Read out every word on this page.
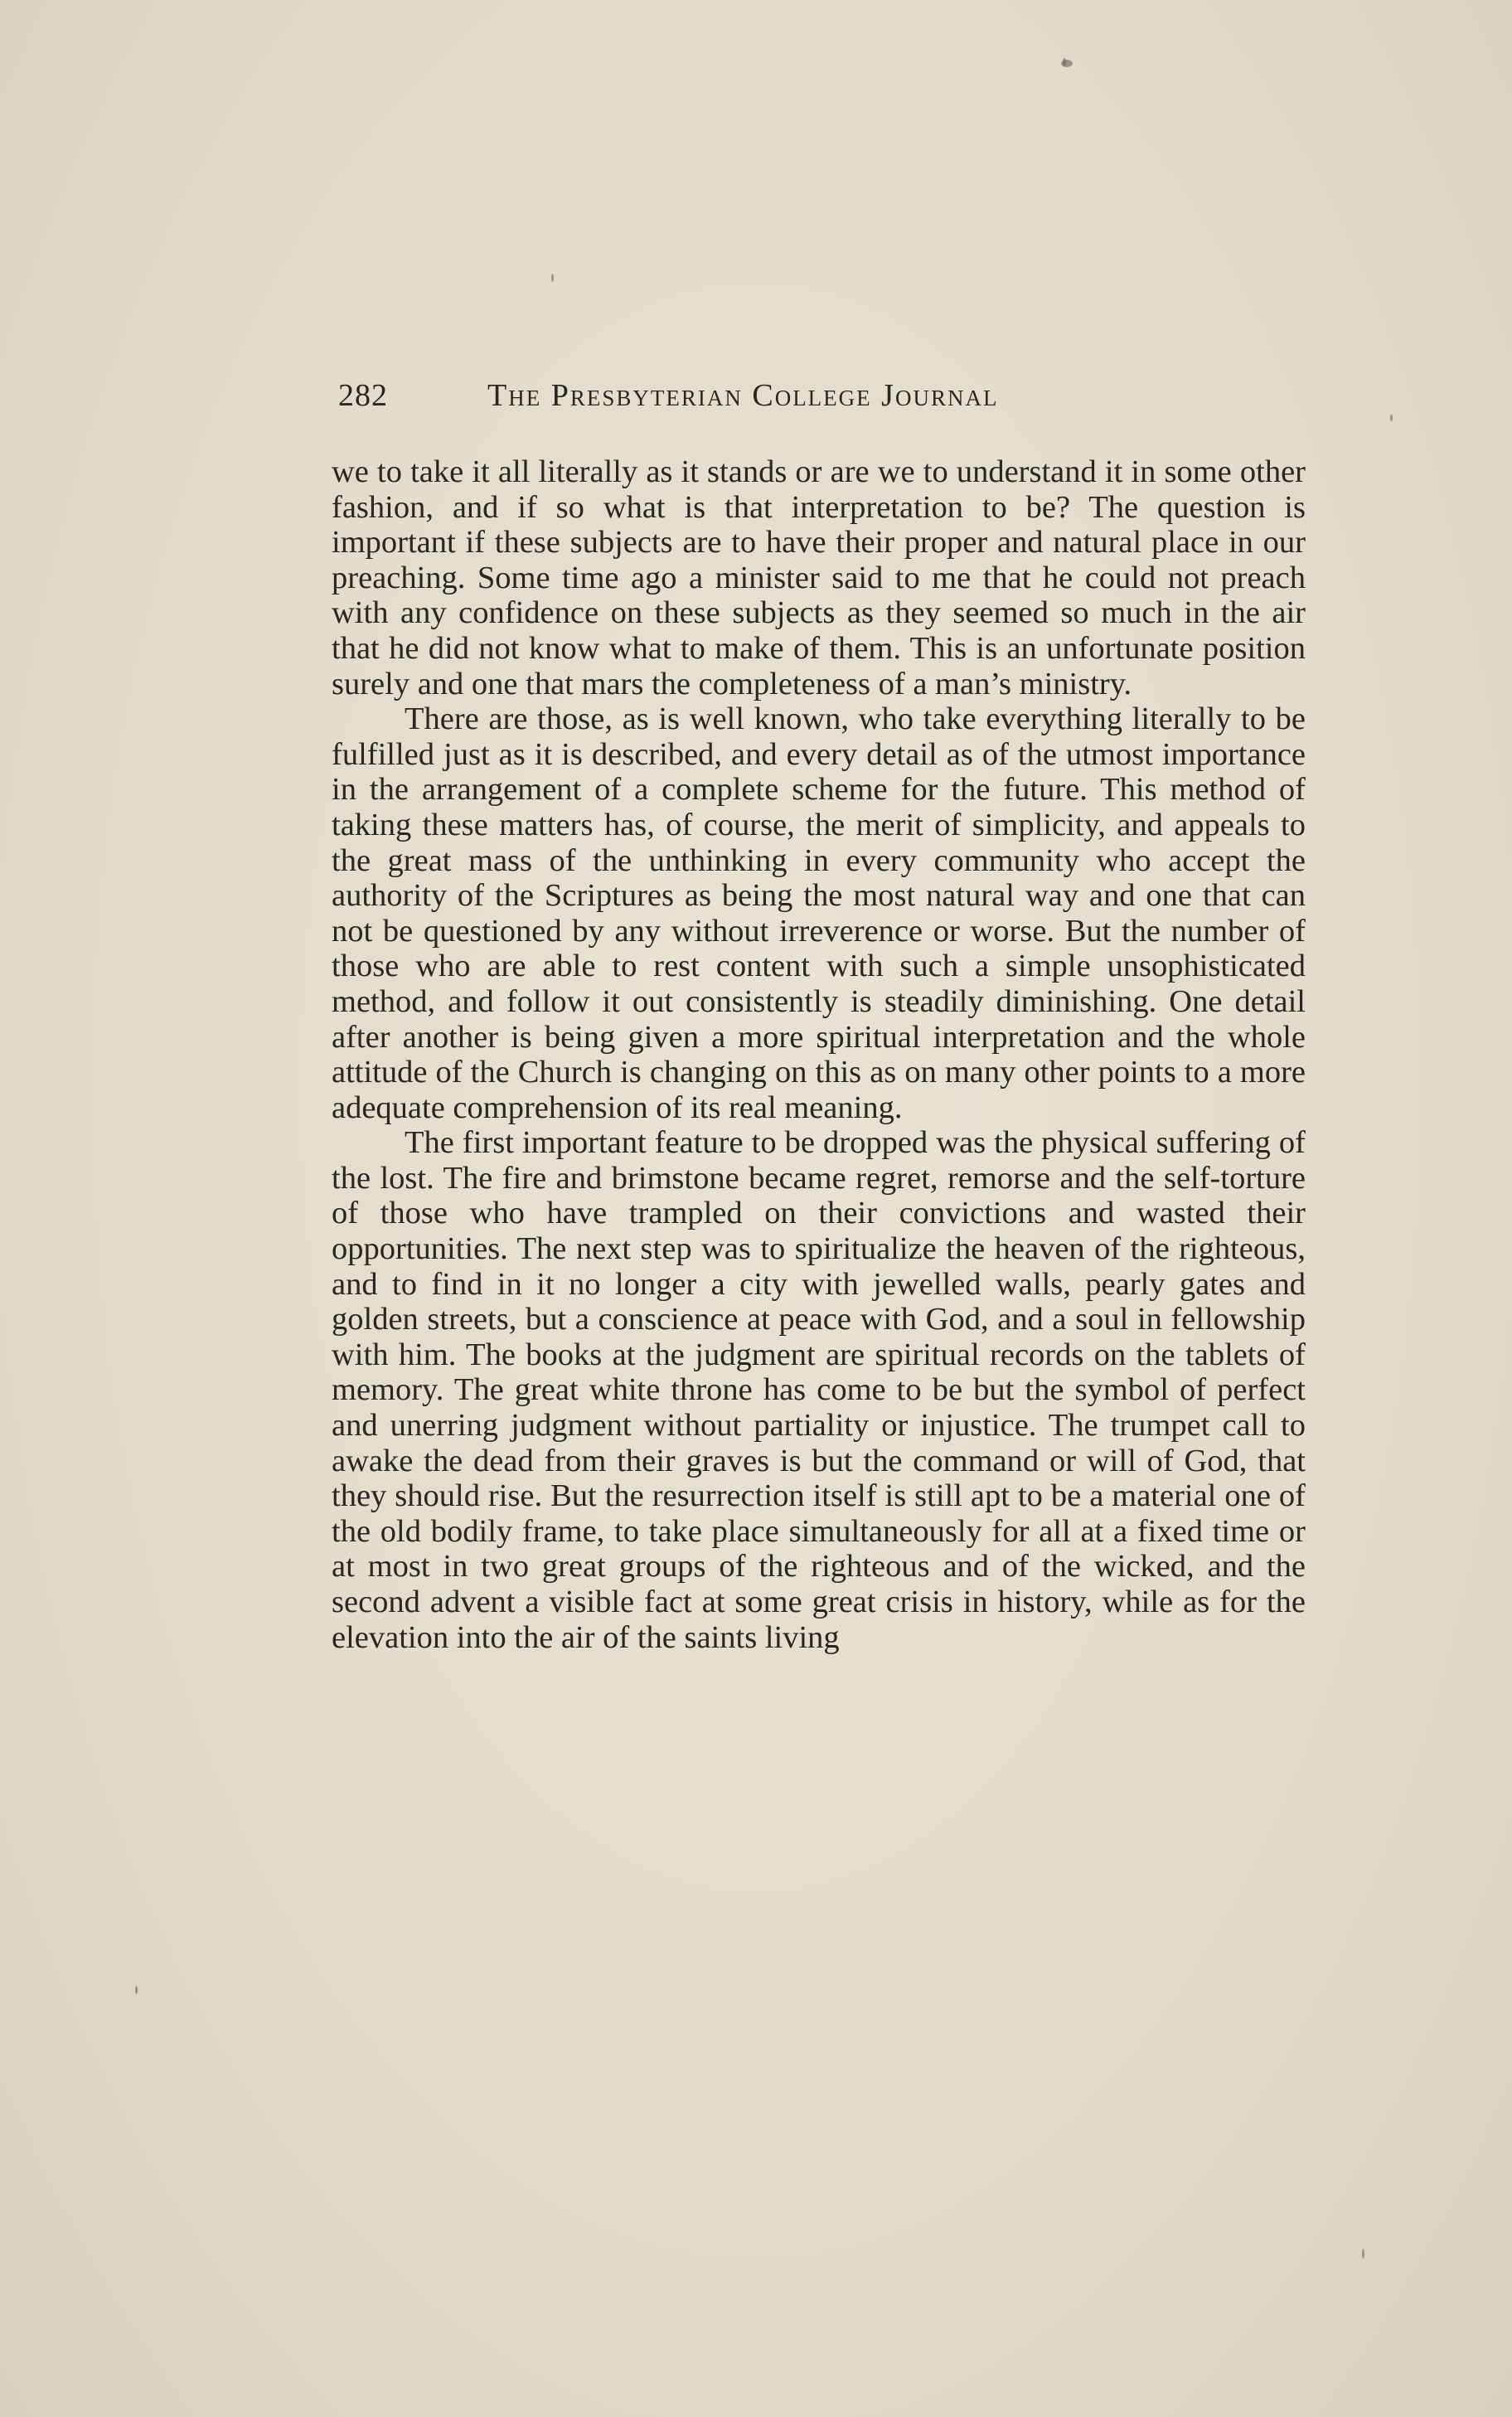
282	The Presbyterian College Journal

we to take it all literally as it stands or are we to understand it in some other fashion, and if so what is that interpretation to be? The question is important if these subjects are to have their proper and natural place in our preaching. Some time ago a minister said to me that he could not preach with any confidence on these subjects as they seemed so much in the air that he did not know what to make of them. This is an unfortunate position surely and one that mars the completeness of a man’s ministry.

There are those, as is well known, who take everything literally to be fulfilled just as it is described, and every detail as of the utmost importance in the arrangement of a complete scheme for the future. This method of taking these matters has, of course, the merit of simplicity, and appeals to the great mass of the unthinking in every community who accept the authority of the Scriptures as being the most natural way and one that can not be questioned by any without irreverence or worse. But the number of those who are able to rest content with such a simple unsophisticated method, and follow it out consistently is steadily diminishing. One detail after another is being given a more spiritual interpretation and the whole attitude of the Church is changing on this as on many other points to a more adequate comprehension of its real meaning.

The first important feature to be dropped was the physical suffering of the lost. The fire and brimstone became regret, remorse and the self-torture of those who have trampled on their convictions and wasted their opportunities. The next step was to spiritualize the heaven of the righteous, and to find in it no longer a city with jewelled walls, pearly gates and golden streets, but a conscience at peace with God, and a soul in fellowship with him. The books at the judgment are spiritual records on the tablets of memory. The great white throne has come to be but the symbol of perfect and unerring judgment without partiality or injustice. The trumpet call to awake the dead from their graves is but the command or will of God, that they should rise. But the resurrection itself is still apt to be a material one of the old bodily frame, to take place simultaneously for all at a fixed time or at most in two great groups of the righteous and of the wicked, and the second advent a visible fact at some great crisis in history, while as for the elevation into the air of the saints living
